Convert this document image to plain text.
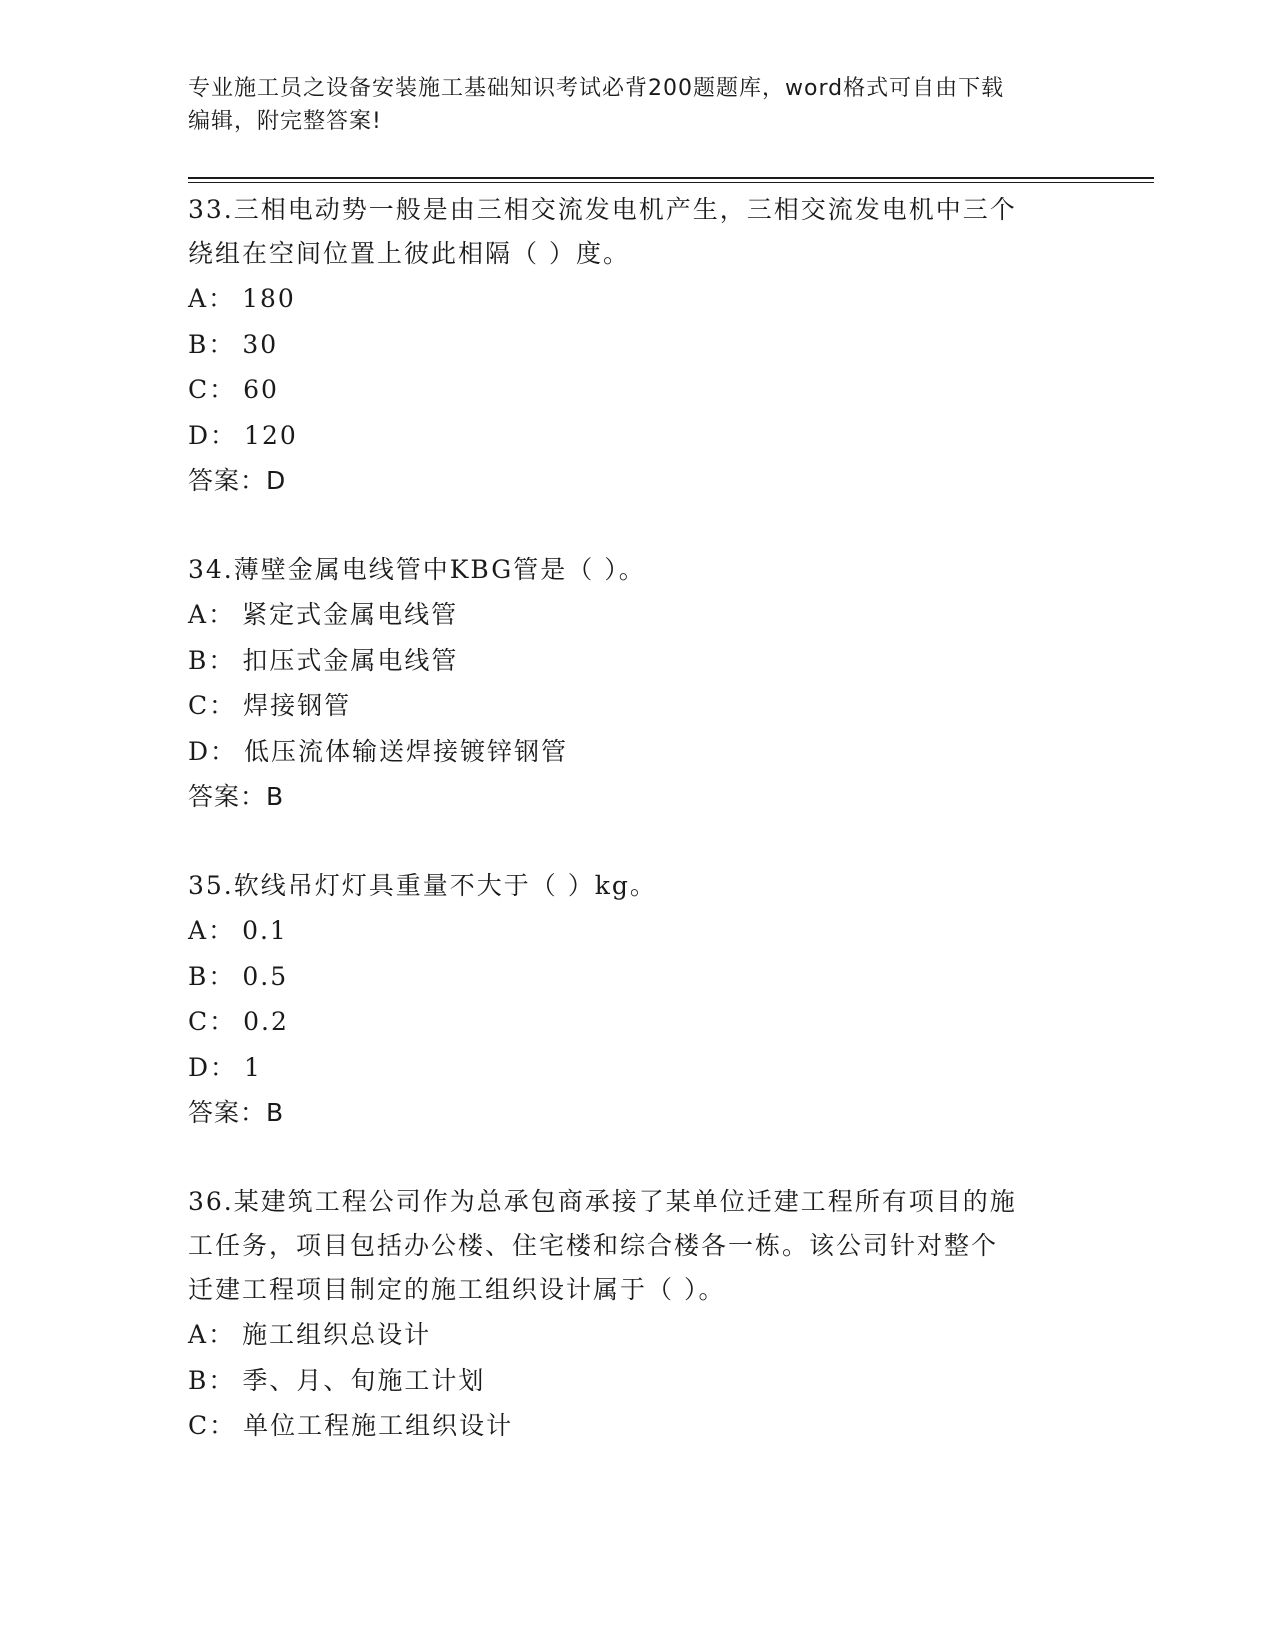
专业施工员之设备安装施工基础知识考试必背200题题库，word格式可自由下载
编辑，附完整答案!
33.三相电动势一般是由三相交流发电机产生，三相交流发电机中三个
绕组在空间位置上彼此相隔（ ）度。
A： 180
B： 30
C： 60
D： 120
答案：D
34.薄壁金属电线管中KBG管是（ ）。
A： 紧定式金属电线管
B： 扣压式金属电线管
C： 焊接钢管
D： 低压流体输送焊接镀锌钢管
答案：B
35.软线吊灯灯具重量不大于（ ）kg。
A： 0.1
B： 0.5
C： 0.2
D： 1
答案：B
36.某建筑工程公司作为总承包商承接了某单位迁建工程所有项目的施
工任务，项目包括办公楼、住宅楼和综合楼各一栋。该公司针对整个
迁建工程项目制定的施工组织设计属于（ ）。
A： 施工组织总设计
B： 季、月、旬施工计划
C： 单位工程施工组织设计
